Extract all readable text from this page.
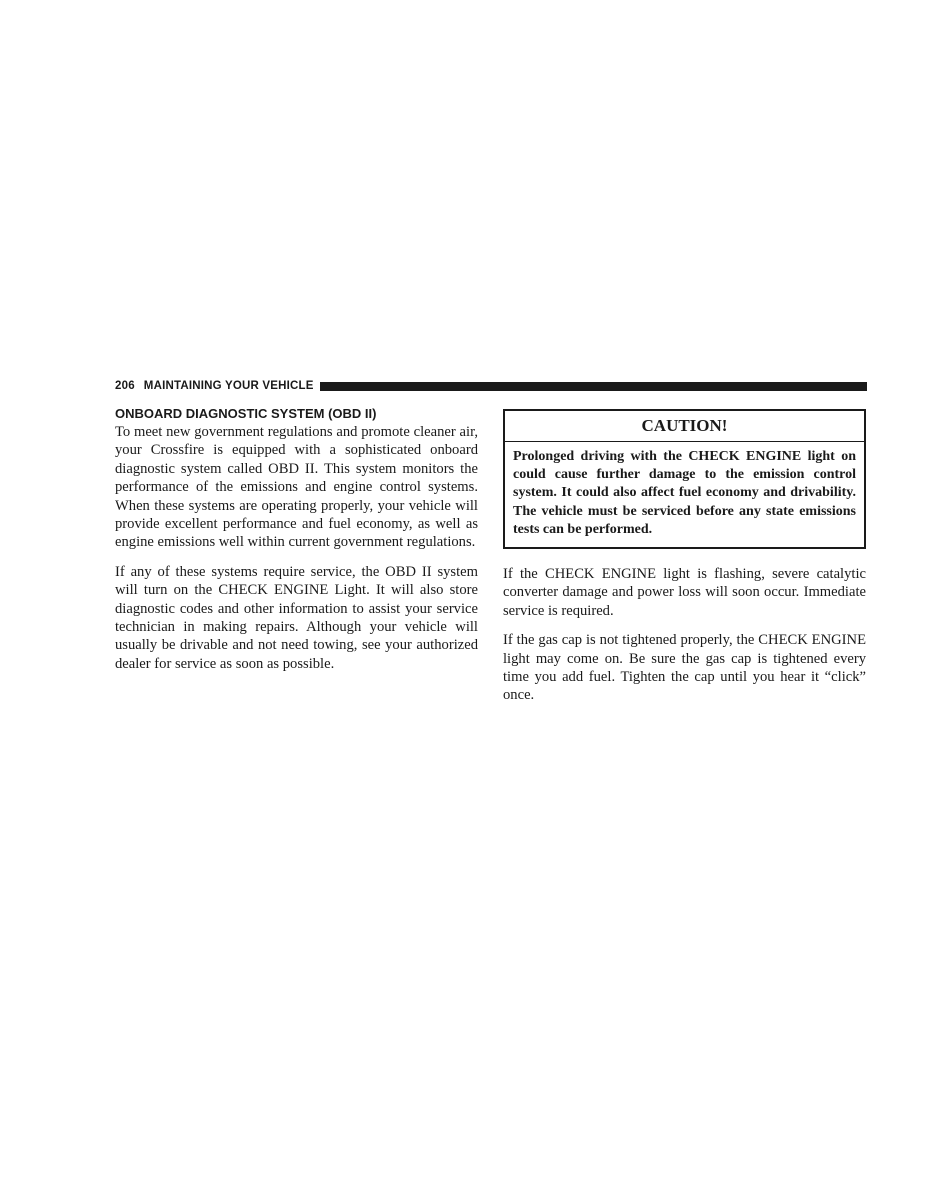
206 MAINTAINING YOUR VEHICLE
ONBOARD DIAGNOSTIC SYSTEM (OBD II)

To meet new government regulations and promote cleaner air, your Crossfire is equipped with a sophisticated onboard diagnostic system called OBD II. This system monitors the performance of the emissions and engine control systems. When these systems are operating properly, your vehicle will provide excellent performance and fuel economy, as well as engine emissions well within current government regulations.

If any of these systems require service, the OBD II system will turn on the CHECK ENGINE Light. It will also store diagnostic codes and other information to assist your service technician in making repairs. Although your vehicle will usually be drivable and not need towing, see your authorized dealer for service as soon as possible.

CAUTION!
Prolonged driving with the CHECK ENGINE light on could cause further damage to the emission control system. It could also affect fuel economy and drivability. The vehicle must be serviced before any state emissions tests can be performed.

If the CHECK ENGINE light is flashing, severe catalytic converter damage and power loss will soon occur. Immediate service is required.

If the gas cap is not tightened properly, the CHECK ENGINE light may come on. Be sure the gas cap is tightened every time you add fuel. Tighten the cap until you hear it “click” once.
